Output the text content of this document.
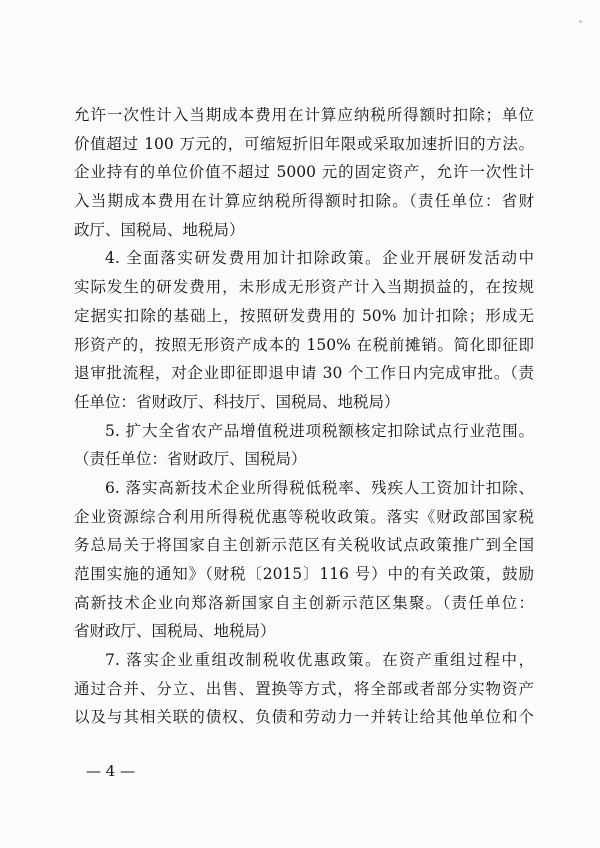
允许一次性计入当期成本费用在计算应纳税所得额时扣除；单位
价值超过 100 万元的，可缩短折旧年限或采取加速折旧的方法。
企业持有的单位价值不超过 5000 元的固定资产，允许一次性计
入当期成本费用在计算应纳税所得额时扣除。（责任单位：省财
政厅、国税局、地税局）
4. 全面落实研发费用加计扣除政策。企业开展研发活动中
实际发生的研发费用，未形成无形资产计入当期损益的，在按规
定据实扣除的基础上，按照研发费用的 50% 加计扣除；形成无
形资产的，按照无形资产成本的 150% 在税前摊销。简化即征即
退审批流程，对企业即征即退申请 30 个工作日内完成审批。（责
任单位：省财政厅、科技厅、国税局、地税局）
5. 扩大全省农产品增值税进项税额核定扣除试点行业范围。
（责任单位：省财政厅、国税局）
6. 落实高新技术企业所得税低税率、残疾人工资加计扣除、
企业资源综合利用所得税优惠等税收政策。落实《财政部国家税
务总局关于将国家自主创新示范区有关税收试点政策推广到全国
范围实施的通知》（财税〔2015〕116 号）中的有关政策，鼓励
高新技术企业向郑洛新国家自主创新示范区集聚。（责任单位：
省财政厅、国税局、地税局）
7. 落实企业重组改制税收优惠政策。在资产重组过程中，
通过合并、分立、出售、置换等方式，将全部或者部分实物资产
以及与其相关联的债权、负债和劳动力一并转让给其他单位和个
— 4 —
